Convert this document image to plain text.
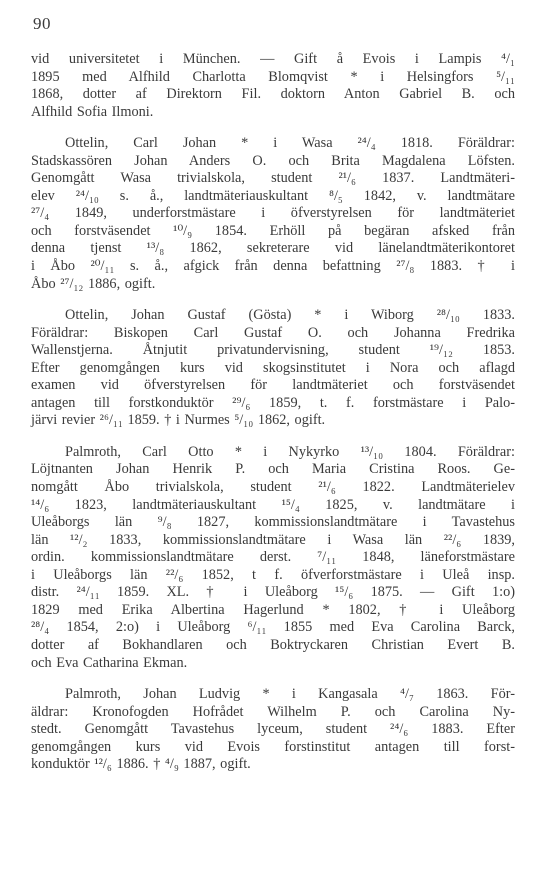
90
vid universitetet i München. — Gift å Evois i Lampis ⁴/₁
1895 med Alfhild Charlotta Blomqvist * i Helsingfors ⁵/₁₁
1868, dotter af Direktorn Fil. doktorn Anton Gabriel B. och
Alfhild Sofia Ilmoni.
Ottelin, Carl Johan * i Wasa ²⁴/₄ 1818. Föräldrar:
Stadskassören Johan Anders O. och Brita Magdalena Löfsten.
Genomgått Wasa trivialskola, student ²¹/₆ 1837. Landtmäteri-
elev ²⁴/₁₀ s. å., landtmäteriauskultant ⁸/₅ 1842, v. landtmätare
²⁷/₄ 1849, underforstmästare i öfverstyrelsen för landtmäteriet
och forstväsendet ¹⁰/₉ 1854. Erhöll på begäran afsked från
denna tjenst ¹³/₈ 1862, sekreterare vid länelandtmäterikontoret
i Åbo ²⁰/₁₁ s. å., afgick från denna befattning ²⁷/₈ 1883. † i
Åbo ²⁷/₁₂ 1886, ogift.
Ottelin, Johan Gustaf (Gösta) * i Wiborg ²⁸/₁₀ 1833.
Föräldrar: Biskopen Carl Gustaf O. och Johanna Fredrika
Wallenstjerna. Åtnjutit privatundervisning, student ¹⁹/₁₂ 1853.
Efter genomgången kurs vid skogsinstitutet i Nora och aflagd
examen vid öfverstyrelsen för landtmäteriet och forstväsendet
antagen till forstkonduktör ²⁹/₆ 1859, t. f. forstmästare i Palo-
järvi revier ²⁶/₁₁ 1859. † i Nurmes ⁵/₁₀ 1862, ogift.
Palmroth, Carl Otto * i Nykyrko ¹³/₁₀ 1804. Föräldrar:
Löjtnanten Johan Henrik P. och Maria Cristina Roos. Ge-
nomgått Åbo trivialskola, student ²¹/₆ 1822. Landtmäterielev
¹⁴/₆ 1823, landtmäteriauskultant ¹⁵/₄ 1825, v. landtmätare i
Uleåborgs län ⁹/₈ 1827, kommissionslandtmätare i Tavastehus
län ¹²/₂ 1833, kommissionslandtmätare i Wasa län ²²/₆ 1839,
ordin. kommissionslandtmätare derst. ⁷/₁₁ 1848, läneforstmästare
i Uleåborgs län ²²/₆ 1852, t f. öfverforstmästare i Uleå insp.
distr. ²⁴/₁₁ 1859. XL. † i Uleåborg ¹⁵/₆ 1875. — Gift 1:o)
1829 med Erika Albertina Hagerlund * 1802, † i Uleåborg
²⁸/₄ 1854, 2:o) i Uleåborg ⁶/₁₁ 1855 med Eva Carolina Barck,
dotter af Bokhandlaren och Boktryckaren Christian Evert B.
och Eva Catharina Ekman.
Palmroth, Johan Ludvig * i Kangasala ⁴/₇ 1863. För-
äldrar: Kronofogden Hofrådet Wilhelm P. och Carolina Ny-
stedt. Genomgått Tavastehus lyceum, student ²⁴/₆ 1883. Efter
genomgången kurs vid Evois forstinstitut antagen till forst-
konduktör ¹²/₆ 1886. † ⁴/₉ 1887, ogift.
